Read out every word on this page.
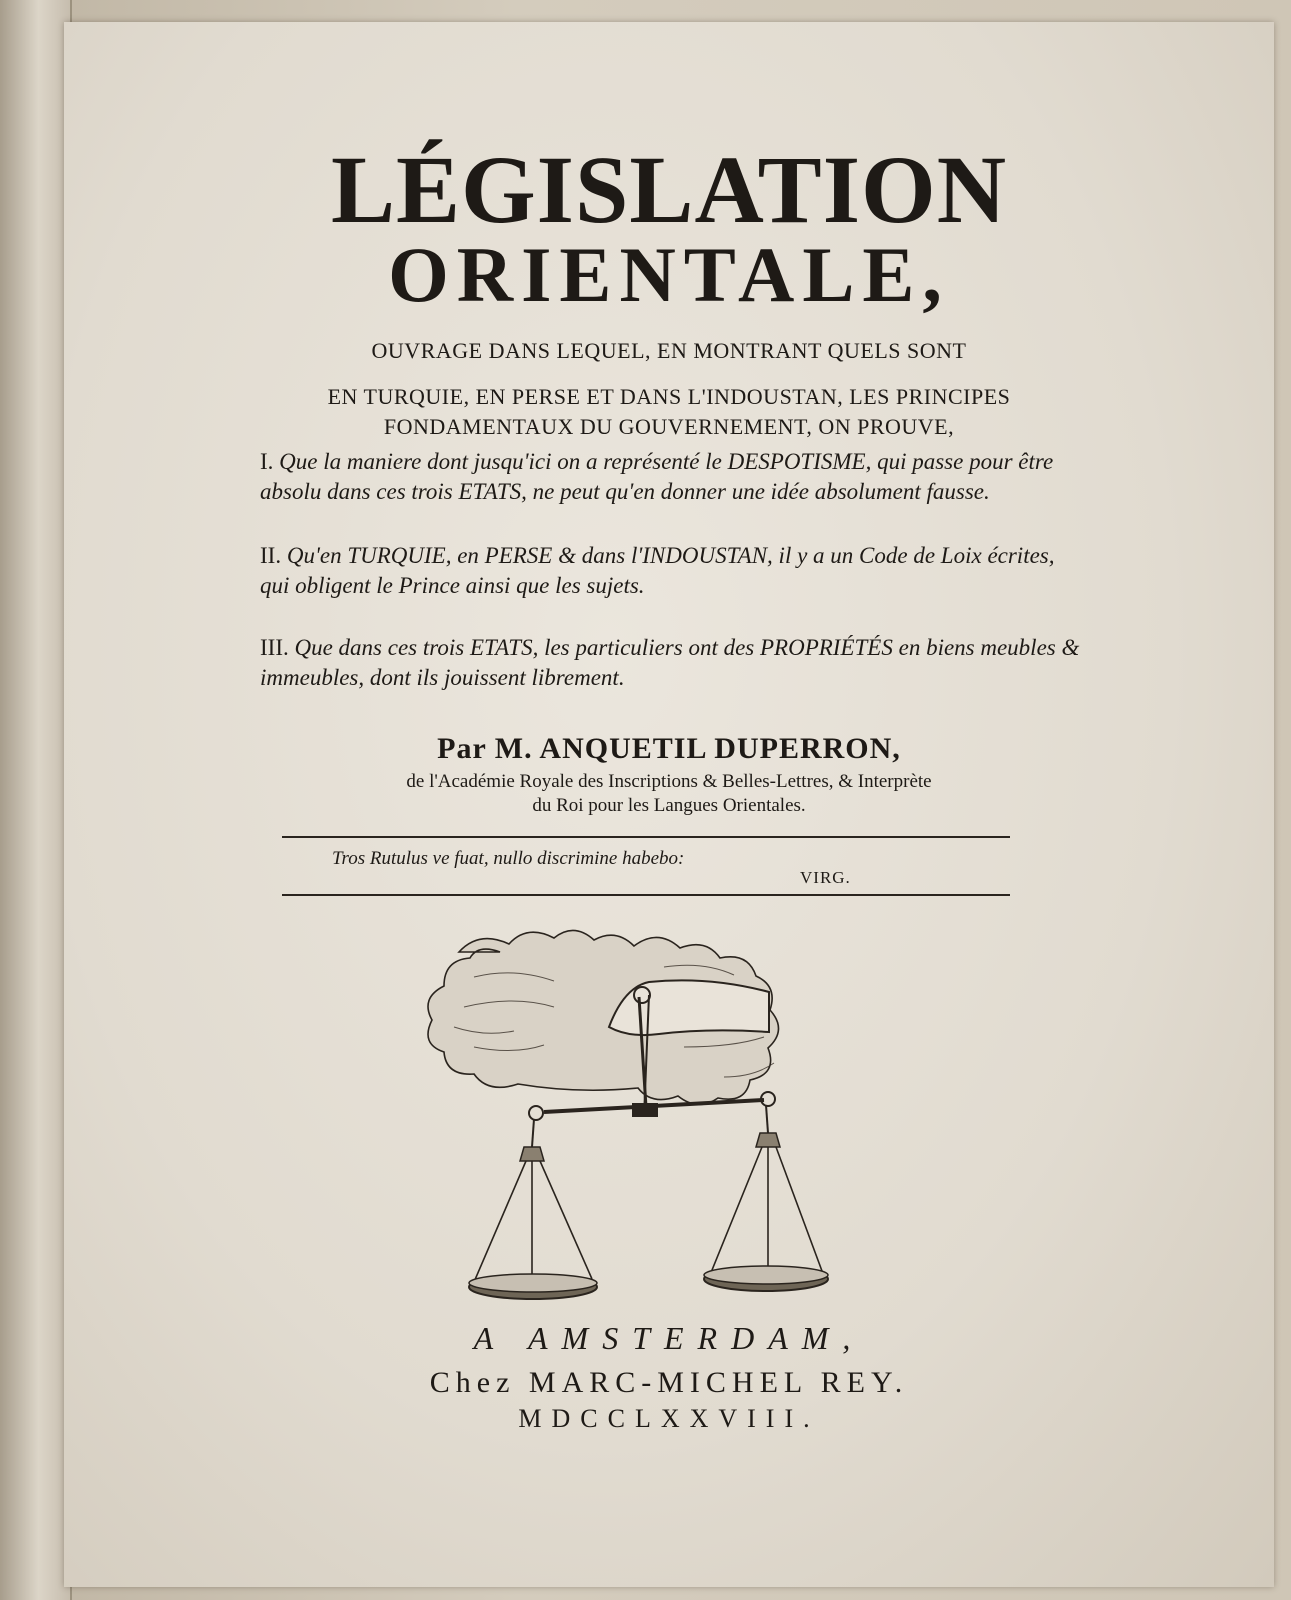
LÉGISLATION
ORIENTALE,
OUVRAGE DANS LEQUEL, EN MONTRANT QUELS SONT
EN TURQUIE, EN PERSE ET DANS L'INDOUSTAN, LES PRINCIPES
FONDAMENTAUX DU GOUVERNEMENT, ON PROUVE,
I. Que la maniere dont jusqu'ici on a représenté le DESPOTISME, qui passe pour être absolu dans ces trois ETATS, ne peut qu'en donner une idée absolument fausse.
II. Qu'en TURQUIE, en PERSE & dans l'INDOUSTAN, il y a un Code de Loix écrites, qui obligent le Prince ainsi que les sujets.
III. Que dans ces trois ETATS, les particuliers ont des PROPRIÉTÉS en biens meubles & immeubles, dont ils jouissent librement.
Par M. ANQUETIL DUPERRON,
de l'Académie Royale des Inscriptions & Belles-Lettres, & Interprète
du Roi pour les Langues Orientales.
Tros Rutulus ve fuat, nullo discrimine habebo:
VIRG.
A AMSTERDAM,
Chez MARC-MICHEL REY.
MDCCLXXVIII.
